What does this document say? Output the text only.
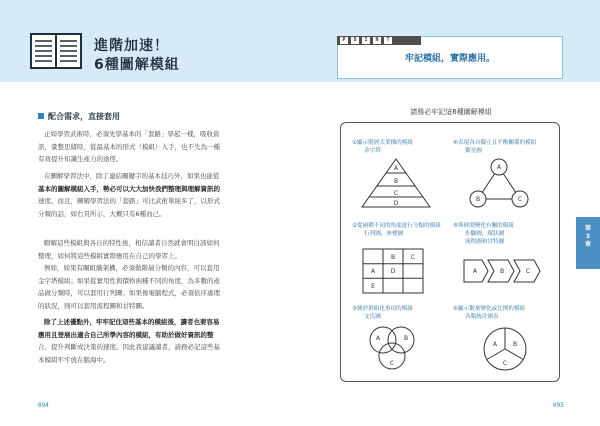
進階加速！
6種圖解模組
P	O	I	N	T
牢記模組，實際應用。
配合需求，直接套用
正如學習武術時，必須先學基本的「套路」學起一樣，吸收資
訊，彙整思緒時，從最基本的形式（模組）入手，也不失為一種
有效提升知識生產力的途徑。
在圖解學習法中，除了連結關鍵字的基本技巧外，如果也能從
基本的圖解模組入手，勢必可以大大加快我們整理與理解資訊的
速度。而且，圖解學習法的「套路」可比武術單純多了，以形式
分類的話，如右頁所示，大概只有6種而已。
瞭解這些模組與各自的特性後，相信讀者自然就會明白該如何
整理，如何將這些模組實際應用在自己的學習上。
例如，如果有關組織架構，必須做階層分類的內容，可以套用
金字塔模組；如果從實用性與價格兩種不同的角度，為多數的產
品做分類時，可以套用行列圖；如果像電腦程式，必須依序處理
的狀況，則可以套用流程圖和甘特圖。
除了上述優點外，牢牢記住這些基本的模組後，讀者也要容易
應用且登展出適合自己所學內容的模組，有助於做好資訊的整
合，提升判斷或決策的速度。因此我建議讀者，請務必記這些基
本模組牢牢放在腦海中。
094	095
請務必牢記這6種圖解模組
①顯示階層式架構的模組
金字塔
④表現各自獨立且平衡關係的模組
衛星圖
②從兩種不同的角度進行分類的模組
行列圖，座標圖
⑤與時間變化有關的模組
步驟圖，環狀圖
流程圖和甘特圖
③便於群組化事用的模組
文氏圖
⑥顯示數量變化或比例的模組
各類統計圖表
A
B
C
D
A
B	C
A
B	C
D
E
A	B	C
A	B
C
A	B
C
第
3
章
